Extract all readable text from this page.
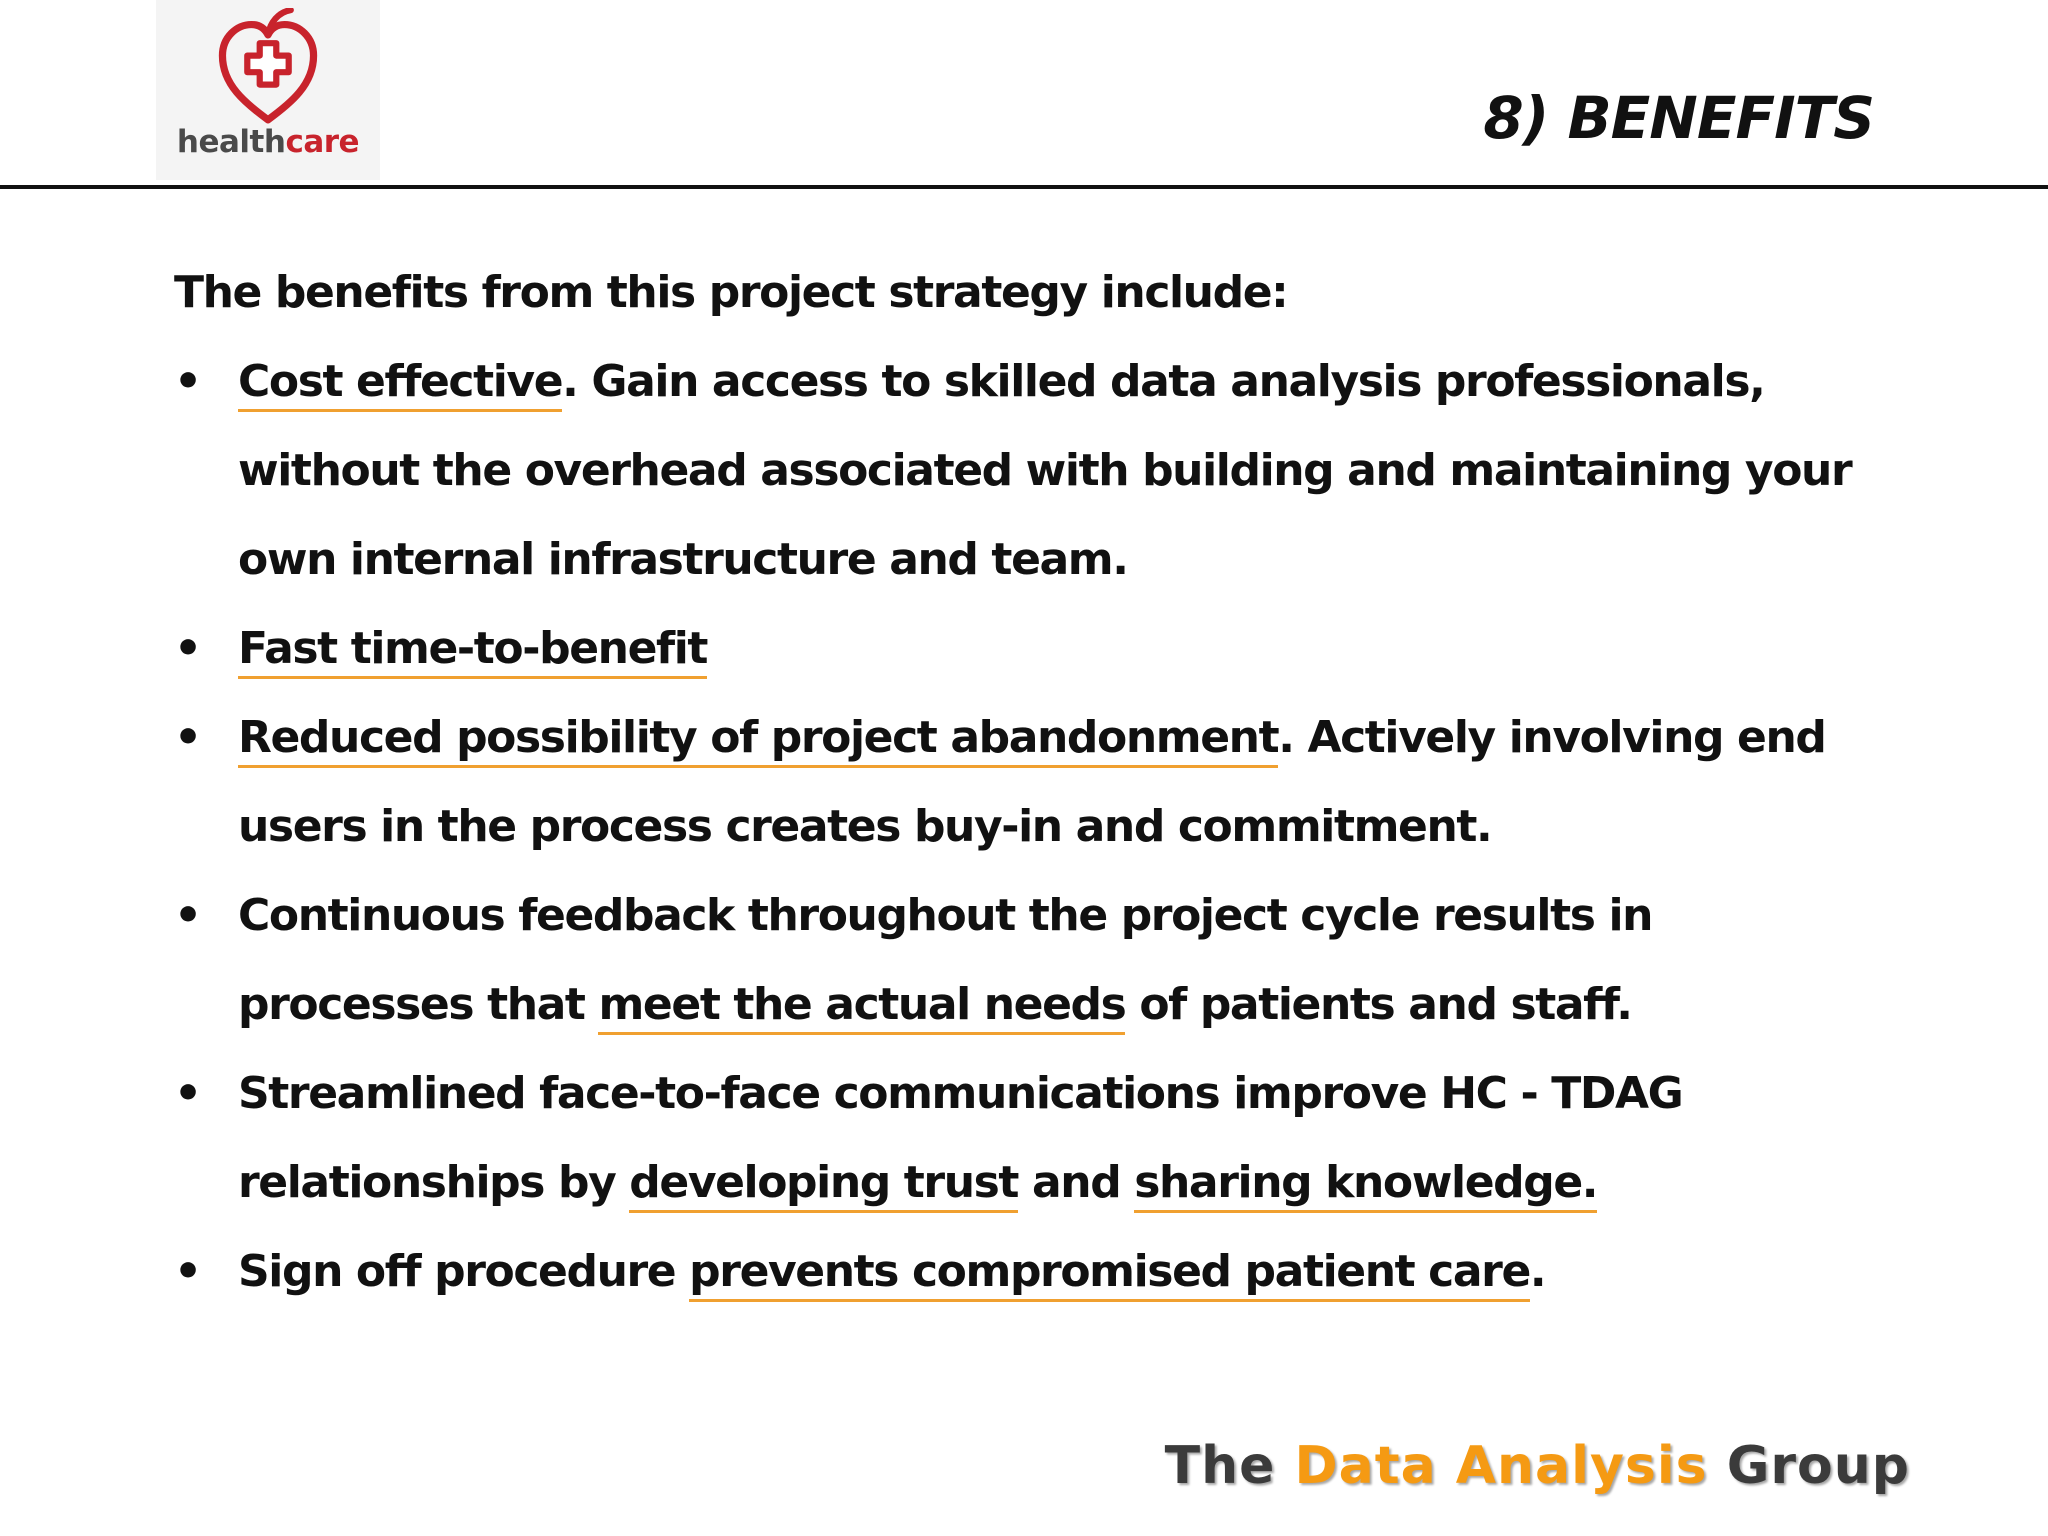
healthcare	8) BENEFITS

The benefits from this project strategy include:

• Cost effective. Gain access to skilled data analysis professionals, without the overhead associated with building and maintaining your own internal infrastructure and team.
• Fast time-to-benefit
• Reduced possibility of project abandonment. Actively involving end users in the process creates buy-in and commitment.
• Continuous feedback throughout the project cycle results in processes that meet the actual needs of patients and staff.
• Streamlined face-to-face communications improve HC - TDAG relationships by developing trust and sharing knowledge.
• Sign off procedure prevents compromised patient care.
The Data Analysis Group
